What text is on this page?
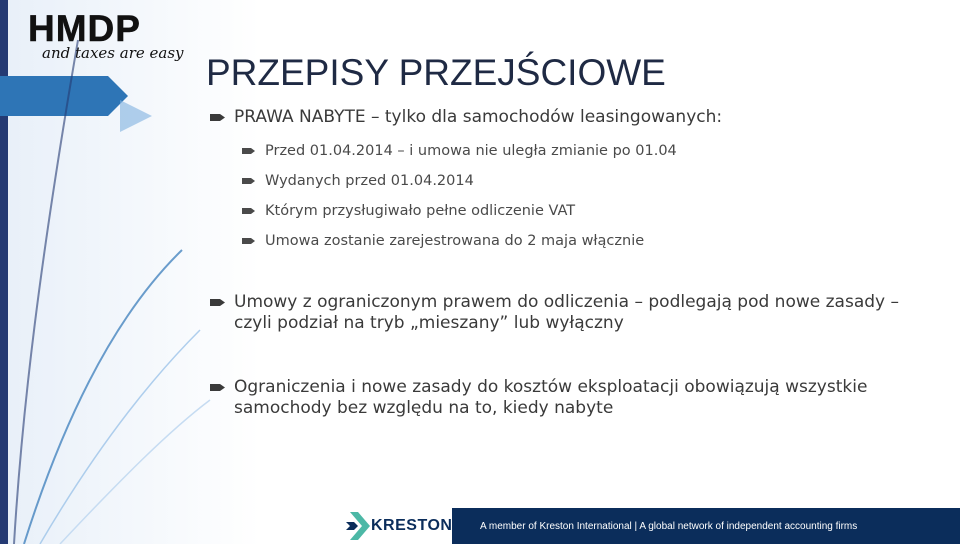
HMDP
and taxes are easy PRZEPISY PRZEJŚCIOWE
PRAWA NABYTE – tylko dla samochodów leasingowanych:
Przed 01.04.2014 – i umowa nie uległa zmianie po 01.04
Wydanych przed 01.04.2014
Którym przysługiwało pełne odliczenie VAT
Umowa zostanie zarejestrowana do 2 maja włącznie
Umowy z ograniczonym prawem do odliczenia – podlegają pod nowe zasady – czyli podział na tryb „mieszany” lub wyłączny
Ograniczenia i nowe zasady do kosztów eksploatacji obowiązują wszystkie samochody bez względu na to, kiedy nabyte
KRESTON	A member of Kreston International | A global network of independent accounting firms
